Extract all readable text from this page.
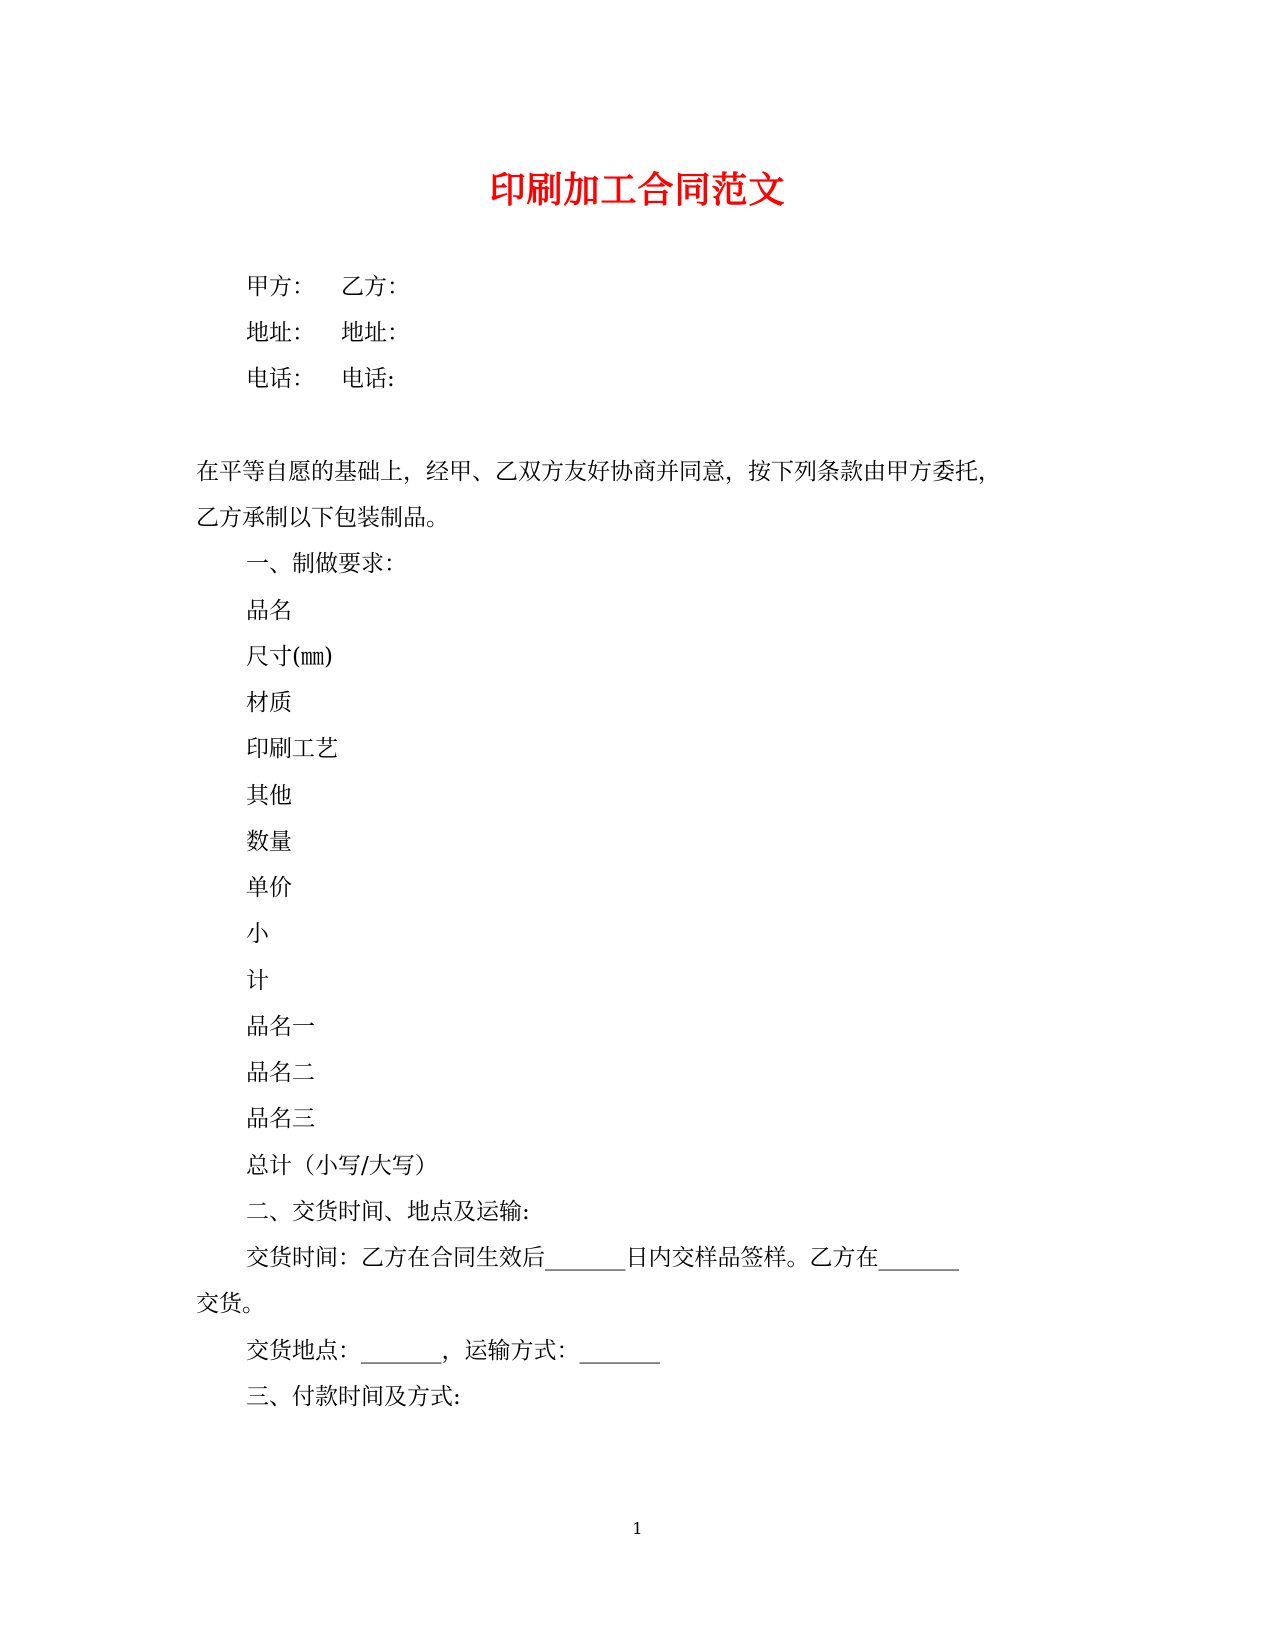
印刷加工合同范文
甲方： 乙方：
地址： 地址：
电话： 电话:
在平等自愿的基础上，经甲、乙双方友好协商并同意，按下列条款由甲方委托，
乙方承制以下包装制品。
一、制做要求：
品名
尺寸(㎜)
材质
印刷工艺
其他
数量
单价
小
计
品名一
品名二
品名三
总计（小写/大写）
二、交货时间、地点及运输:
交货时间：乙方在合同生效后_______日内交样品签样。乙方在_______
交货。
交货地点：_______，运输方式：_______
三、付款时间及方式:
1
